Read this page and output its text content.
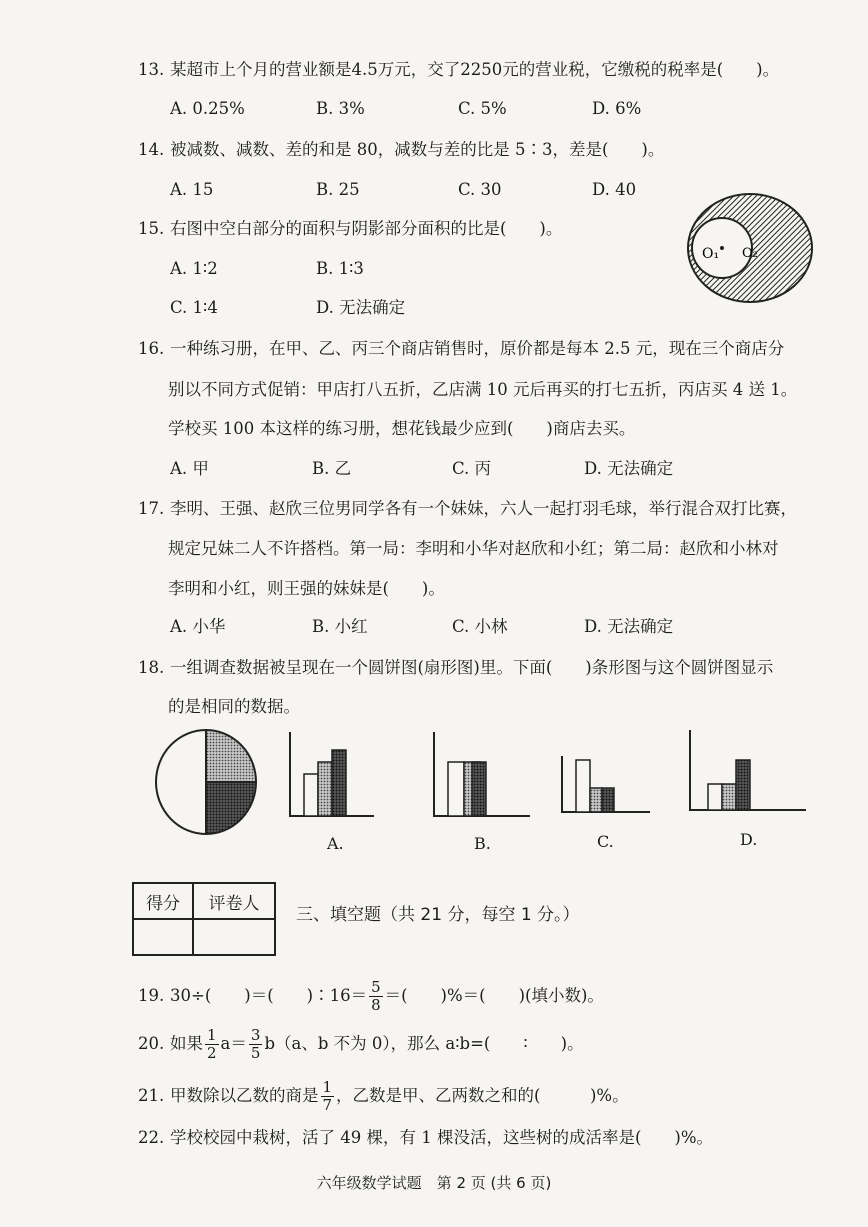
13. 某超市上个月的营业额是4.5万元，交了2250元的营业税，它缴税的税率是(　　)。
A. 0.25%	B. 3%	C. 5%	D. 6%
14. 被减数、减数、差的和是 80，减数与差的比是 5∶3，差是(　　)。
A. 15	B. 25	C. 30	D. 40
15. 右图中空白部分的面积与阴影部分面积的比是(　　)。
A. 1∶2	B. 1∶3
C. 1∶4	D. 无法确定
O₁ O₂
16. 一种练习册，在甲、乙、丙三个商店销售时，原价都是每本 2.5 元，现在三个商店分
别以不同方式促销：甲店打八五折，乙店满 10 元后再买的打七五折，丙店买 4 送 1。
学校买 100 本这样的练习册，想花钱最少应到(　　)商店去买。
A. 甲	B. 乙	C. 丙	D. 无法确定
17. 李明、王强、赵欣三位男同学各有一个妹妹，六人一起打羽毛球，举行混合双打比赛，
规定兄妹二人不许搭档。第一局：李明和小华对赵欣和小红；第二局：赵欣和小林对
李明和小红，则王强的妹妹是(　　)。
A. 小华	B. 小红	C. 小林	D. 无法确定
18. 一组调查数据被呈现在一个圆饼图(扇形图)里。下面(　　)条形图与这个圆饼图显示
的是相同的数据。
A.	B.	C.	D.
得分	评卷人

三、填空题（共 21 分，每空 1 分。）
19. 30÷(　　)＝(　　)∶16＝ $\frac{5}{8}$ ＝(　　)%＝(　　)(填小数)。
20. 如果 $\frac{1}{2} a= \frac{3}{5} b(a$、b 不为 0），那么 a∶b=(　　∶　　)。
21. 甲数除以乙数的商是 $\frac{1}{7}$ ，乙数是甲、乙两数之和的(　　　)%。
22. 学校校园中栽树，活了 49 棵，有 1 棵没活，这些树的成活率是(　　)%。
六年级数学试题　第 2 页 (共 6 页)
